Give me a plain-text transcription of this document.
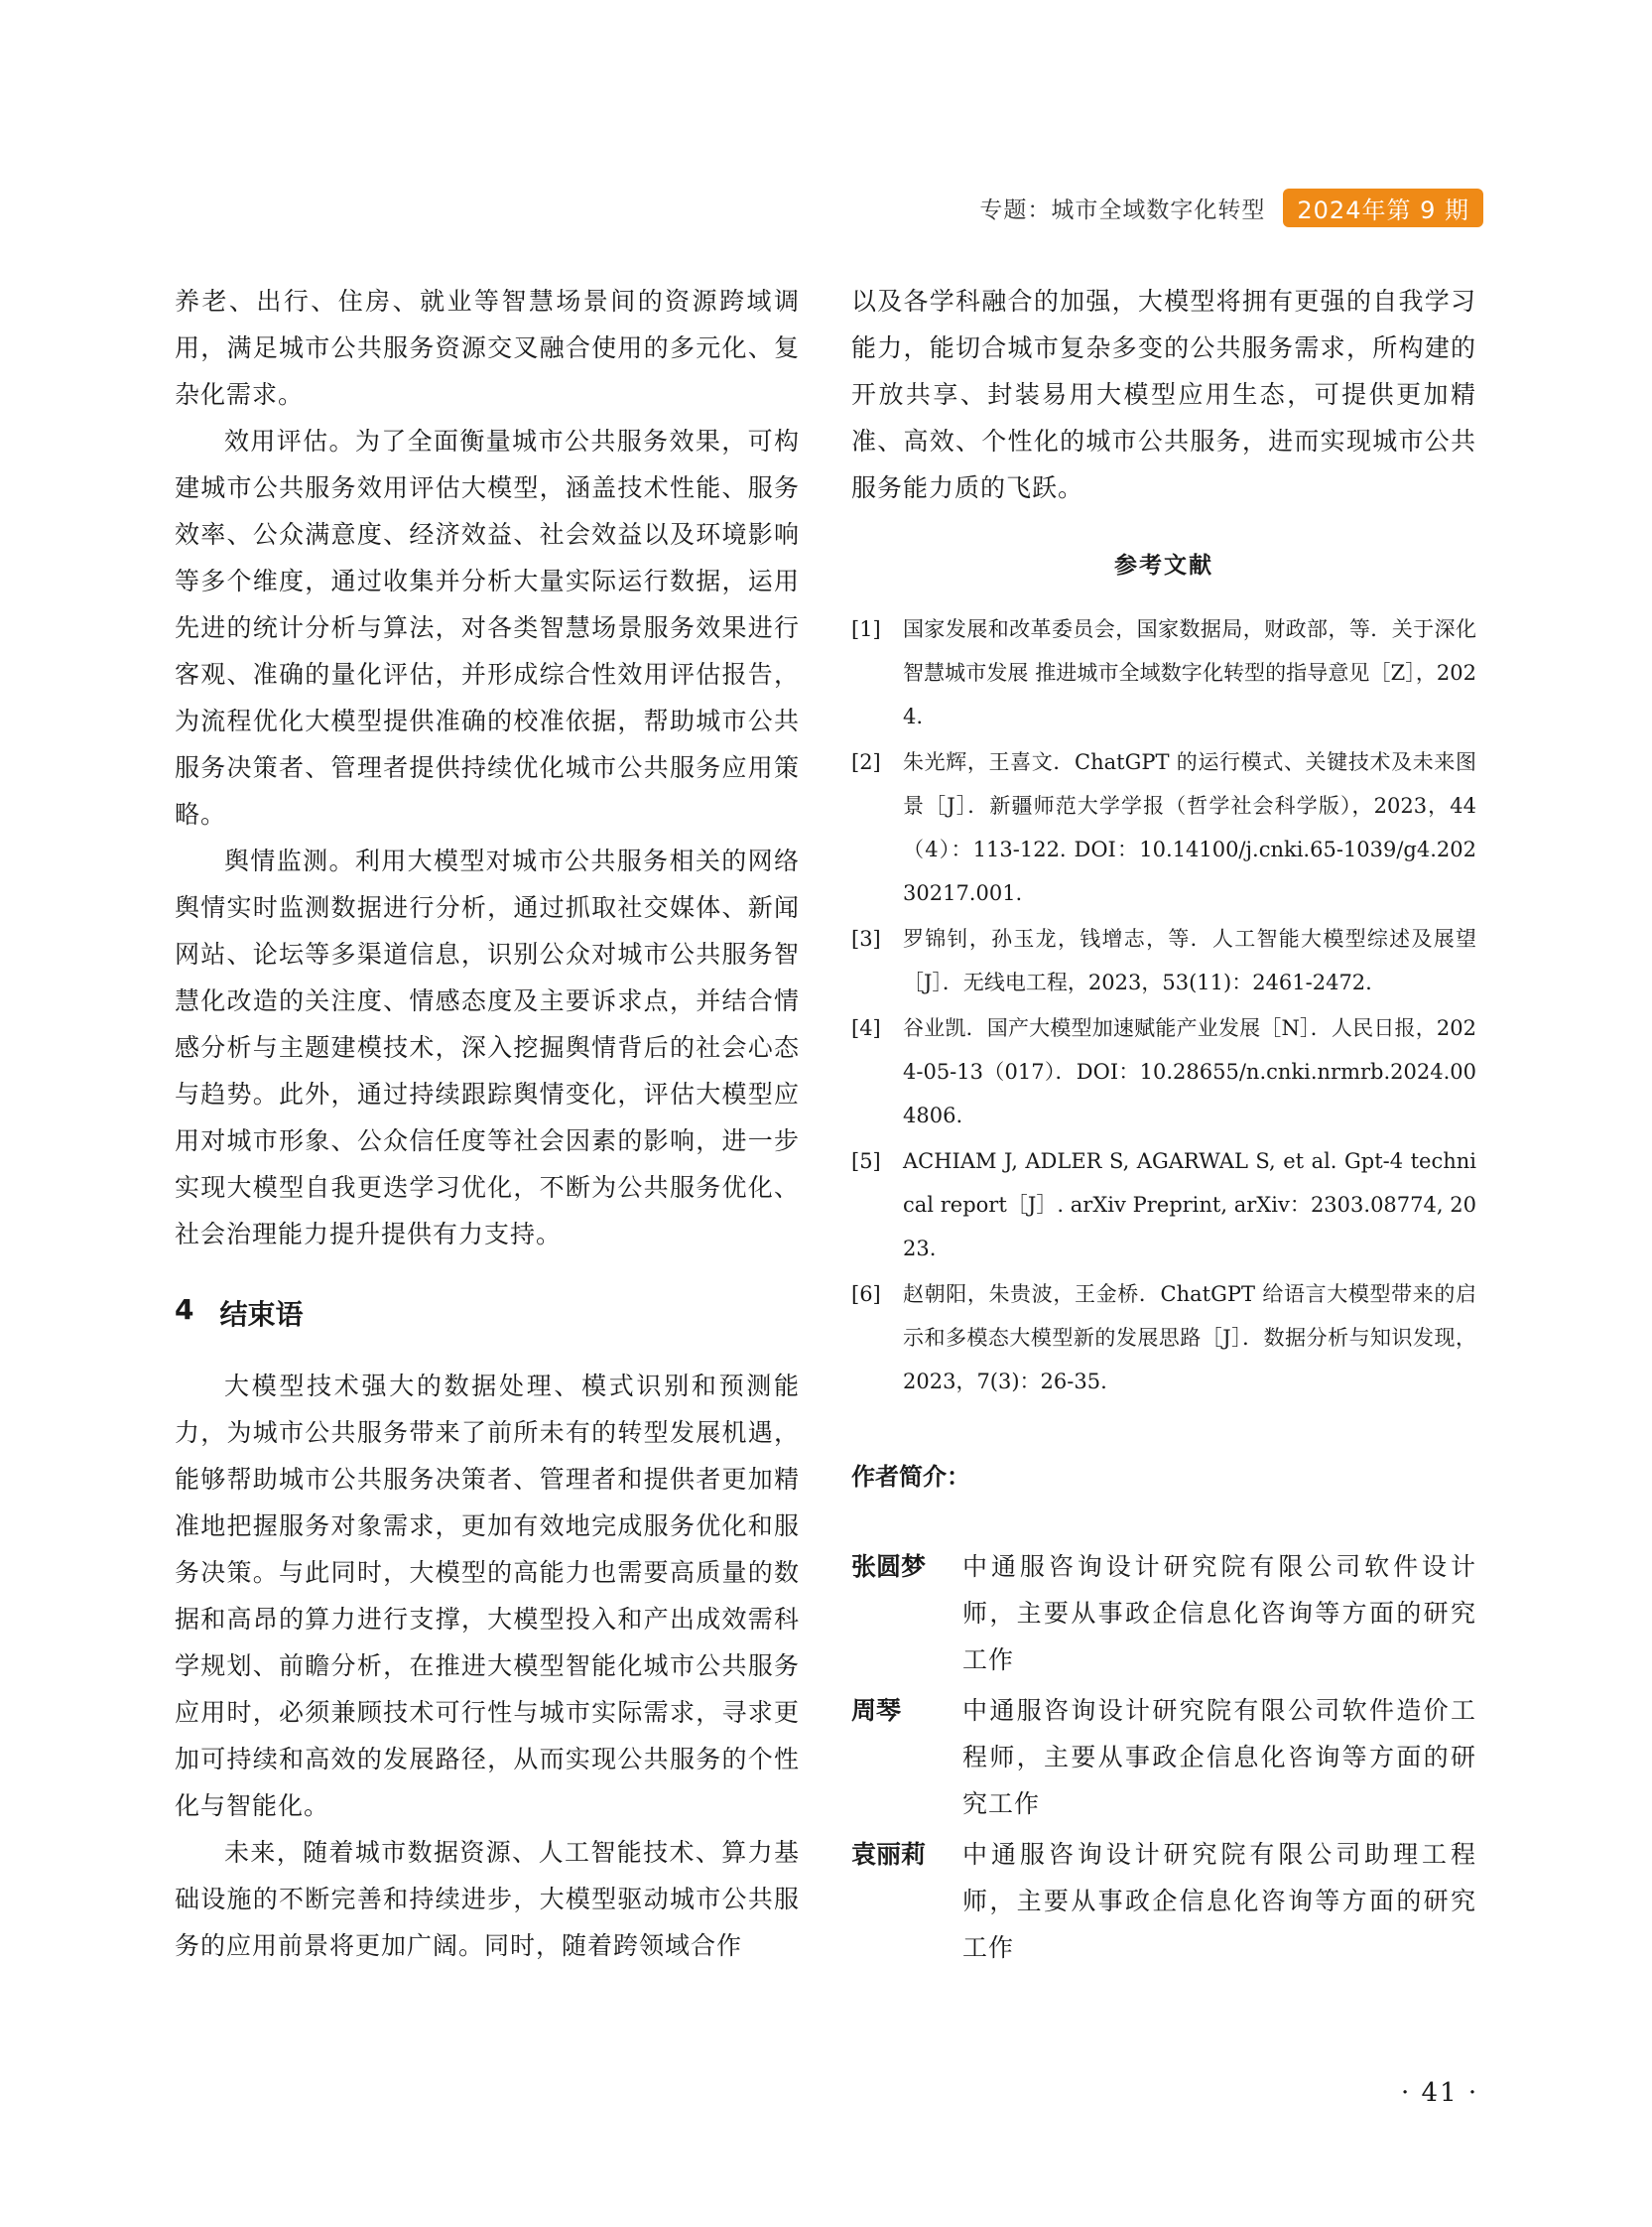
专题：城市全域数字化转型	2024年第 9 期

养老、出行、住房、就业等智慧场景间的资源跨域调用，满足城市公共服务资源交叉融合使用的多元化、复杂化需求。

效用评估。为了全面衡量城市公共服务效果，可构建城市公共服务效用评估大模型，涵盖技术性能、服务效率、公众满意度、经济效益、社会效益以及环境影响等多个维度，通过收集并分析大量实际运行数据，运用先进的统计分析与算法，对各类智慧场景服务效果进行客观、准确的量化评估，并形成综合性效用评估报告，为流程优化大模型提供准确的校准依据，帮助城市公共服务决策者、管理者提供持续优化城市公共服务应用策略。

舆情监测。利用大模型对城市公共服务相关的网络舆情实时监测数据进行分析，通过抓取社交媒体、新闻网站、论坛等多渠道信息，识别公众对城市公共服务智慧化改造的关注度、情感态度及主要诉求点，并结合情感分析与主题建模技术，深入挖掘舆情背后的社会心态与趋势。此外，通过持续跟踪舆情变化，评估大模型应用对城市形象、公众信任度等社会因素的影响，进一步实现大模型自我更迭学习优化，不断为公共服务优化、社会治理能力提升提供有力支持。

4 结束语

大模型技术强大的数据处理、模式识别和预测能力，为城市公共服务带来了前所未有的转型发展机遇，能够帮助城市公共服务决策者、管理者和提供者更加精准地把握服务对象需求，更加有效地完成服务优化和服务决策。与此同时，大模型的高能力也需要高质量的数据和高昂的算力进行支撑，大模型投入和产出成效需科学规划、前瞻分析，在推进大模型智能化城市公共服务应用时，必须兼顾技术可行性与城市实际需求，寻求更加可持续和高效的发展路径，从而实现公共服务的个性化与智能化。

未来，随着城市数据资源、人工智能技术、算力基础设施的不断完善和持续进步，大模型驱动城市公共服务的应用前景将更加广阔。同时，随着跨领域合作

以及各学科融合的加强，大模型将拥有更强的自我学习能力，能切合城市复杂多变的公共服务需求，所构建的开放共享、封装易用大模型应用生态，可提供更加精准、高效、个性化的城市公共服务，进而实现城市公共服务能力质的飞跃。

参考文献
[1]	国家发展和改革委员会，国家数据局，财政部，等．关于深化智慧城市发展 推进城市全域数字化转型的指导意见［Z］，2024.
[2]	朱光辉，王喜文．ChatGPT 的运行模式、关键技术及未来图景［J］．新疆师范大学学报（哲学社会科学版），2023，44（4）：113-122. DOI：10.14100/j.cnki.65-1039/g4.20230217.001.
[3]	罗锦钊，孙玉龙，钱增志，等．人工智能大模型综述及展望［J］．无线电工程，2023，53(11)：2461-2472.
[4]	谷业凯．国产大模型加速赋能产业发展［N］．人民日报，2024-05-13（017）．DOI：10.28655/n.cnki.nrmrb.2024.004806.
[5]	ACHIAM J, ADLER S, AGARWAL S, et al. Gpt-4 technical report［J］. arXiv Preprint, arXiv：2303.08774, 2023.
[6]	赵朝阳，朱贵波，王金桥．ChatGPT 给语言大模型带来的启示和多模态大模型新的发展思路［J］．数据分析与知识发现，2023，7(3)：26-35.
作者简介：
张圆梦	中通服咨询设计研究院有限公司软件设计师，主要从事政企信息化咨询等方面的研究工作
周琴	中通服咨询设计研究院有限公司软件造价工程师，主要从事政企信息化咨询等方面的研究工作
袁丽莉	中通服咨询设计研究院有限公司助理工程师，主要从事政企信息化咨询等方面的研究工作
· 41 ·
